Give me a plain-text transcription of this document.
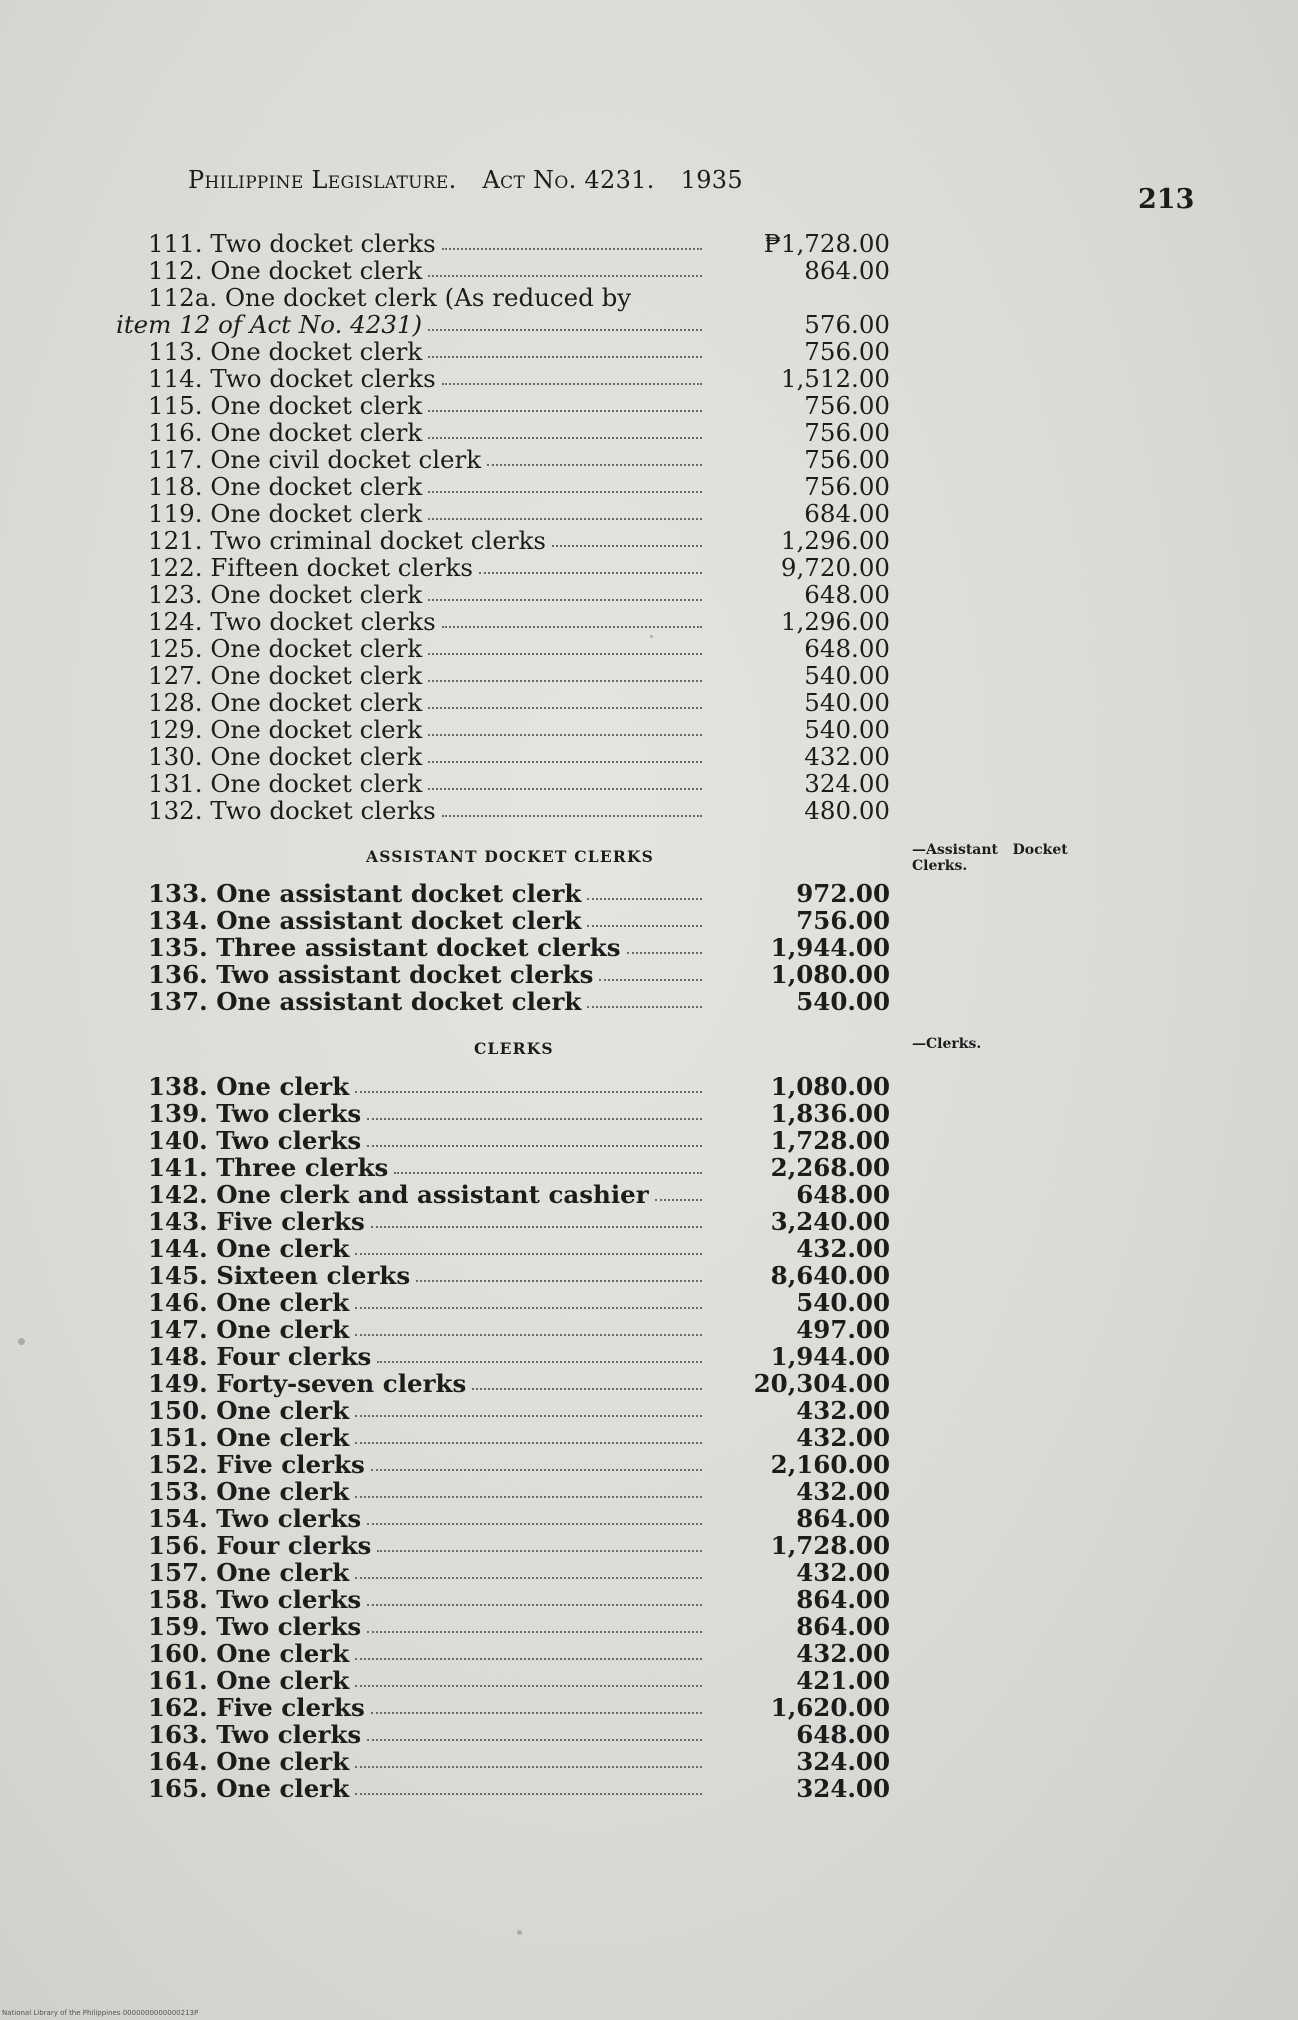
Philippine Legislature. Act No. 4231. 1935
213
111. Two docket clerks	₱1,728.00
112. One docket clerk	864.00
112a. One docket clerk (As reduced by
item 12 of Act No. 4231)	576.00
113. One docket clerk	756.00
114. Two docket clerks	1,512.00
115. One docket clerk	756.00
116. One docket clerk	756.00
117. One civil docket clerk	756.00
118. One docket clerk	756.00
119. One docket clerk	684.00
121. Two criminal docket clerks	1,296.00
122. Fifteen docket clerks	9,720.00
123. One docket clerk	648.00
124. Two docket clerks	1,296.00
125. One docket clerk	648.00
127. One docket clerk	540.00
128. One docket clerk	540.00
129. One docket clerk	540.00
130. One docket clerk	432.00
131. One docket clerk	324.00
132. Two docket clerks	480.00
133. One assistant docket clerk	972.00
134. One assistant docket clerk	756.00
135. Three assistant docket clerks	1,944.00
136. Two assistant docket clerks	1,080.00
137. One assistant docket clerk	540.00
138. One clerk	1,080.00
139. Two clerks	1,836.00
140. Two clerks	1,728.00
141. Three clerks	2,268.00
142. One clerk and assistant cashier	648.00
143. Five clerks	3,240.00
144. One clerk	432.00
145. Sixteen clerks	8,640.00
146. One clerk	540.00
147. One clerk	497.00
148. Four clerks	1,944.00
149. Forty-seven clerks	20,304.00
150. One clerk	432.00
151. One clerk	432.00
152. Five clerks	2,160.00
153. One clerk	432.00
154. Two clerks	864.00
156. Four clerks	1,728.00
157. One clerk	432.00
158. Two clerks	864.00
159. Two clerks	864.00
160. One clerk	432.00
161. One clerk	421.00
162. Five clerks	1,620.00
163. Two clerks	648.00
164. One clerk	324.00
165. One clerk	324.00
ASSISTANT DOCKET CLERKS	—Assistant   Docket
Clerks.
CLERKS	—Clerks.
National Library of the Philippines 0000000000000213P
